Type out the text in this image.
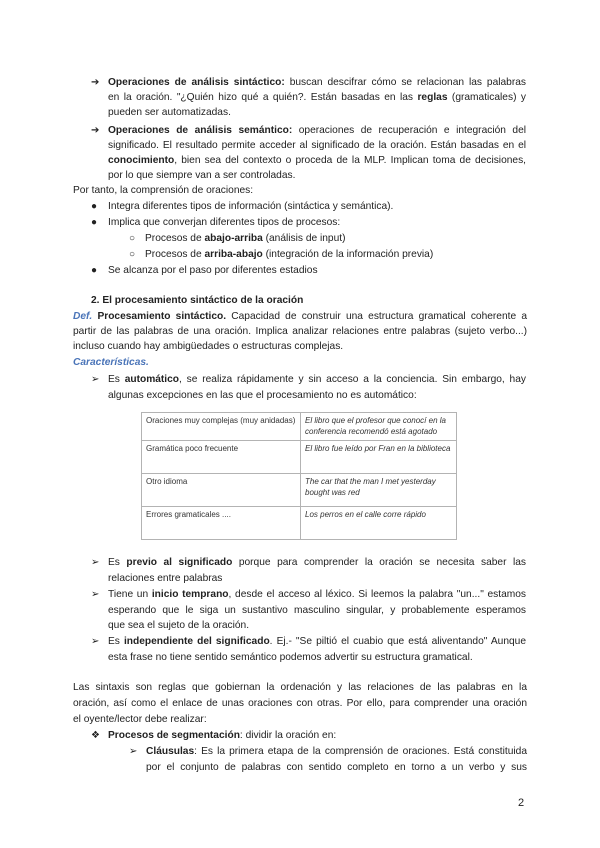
➔ Operaciones de análisis sintáctico: buscan descifrar cómo se relacionan las palabras
en la oración. "¿Quién hizo qué a quién?. Están basadas en las reglas (gramaticales) y
pueden ser automatizadas.
➔ Operaciones de análisis semántico: operaciones de recuperación e integración del
significado. El resultado permite acceder al significado de la oración. Están basadas en el
conocimiento, bien sea del contexto o proceda de la MLP. Implican toma de decisiones,
por lo que siempre van a ser controladas.
Por tanto, la comprensión de oraciones:
● Integra diferentes tipos de información (sintáctica y semántica).
● Implica que converjan diferentes tipos de procesos:
○ Procesos de abajo-arriba (análisis de input)
○ Procesos de arriba-abajo (integración de la información previa)
● Se alcanza por el paso por diferentes estadios
2. El procesamiento sintáctico de la oración
Def. Procesamiento sintáctico. Capacidad de construir una estructura gramatical coherente a
partir de las palabras de una oración. Implica analizar relaciones entre palabras (sujeto verbo...)
incluso cuando hay ambigüedades o estructuras complejas.
Características.
➢ Es automático, se realiza rápidamente y sin acceso a la conciencia. Sin embargo, hay
algunas excepciones en las que el procesamiento no es automático:
Oraciones muy complejas (muy anidadas)	El libro que el profesor que conocí en la conferencia recomendó está agotado
Gramática poco frecuente	El libro fue leído por Fran en la biblioteca
Otro idioma	The car that the man I met yesterday bought was red
Errores gramaticales ....	Los perros en el calle corre rápido
➢ Es previo al significado porque para comprender la oración se necesita saber las
relaciones entre palabras
➢ Tiene un inicio temprano, desde el acceso al léxico. Si leemos la palabra "un..." estamos
esperando que le siga un sustantivo masculino singular, y probablemente esperamos
que sea el sujeto de la oración.
➢ Es independiente del significado. Ej.- "Se piltió el cuabio que está aliventando" Aunque
esta frase no tiene sentido semántico podemos advertir su estructura gramatical.
Las sintaxis son reglas que gobiernan la ordenación y las relaciones de las palabras en la
oración, así como el enlace de unas oraciones con otras. Por ello, para comprender una oración
el oyente/lector debe realizar:
❖ Procesos de segmentación: dividir la oración en:
➢ Cláusulas: Es la primera etapa de la comprensión de oraciones. Está constituida
por el conjunto de palabras con sentido completo en torno a un verbo y sus
2
